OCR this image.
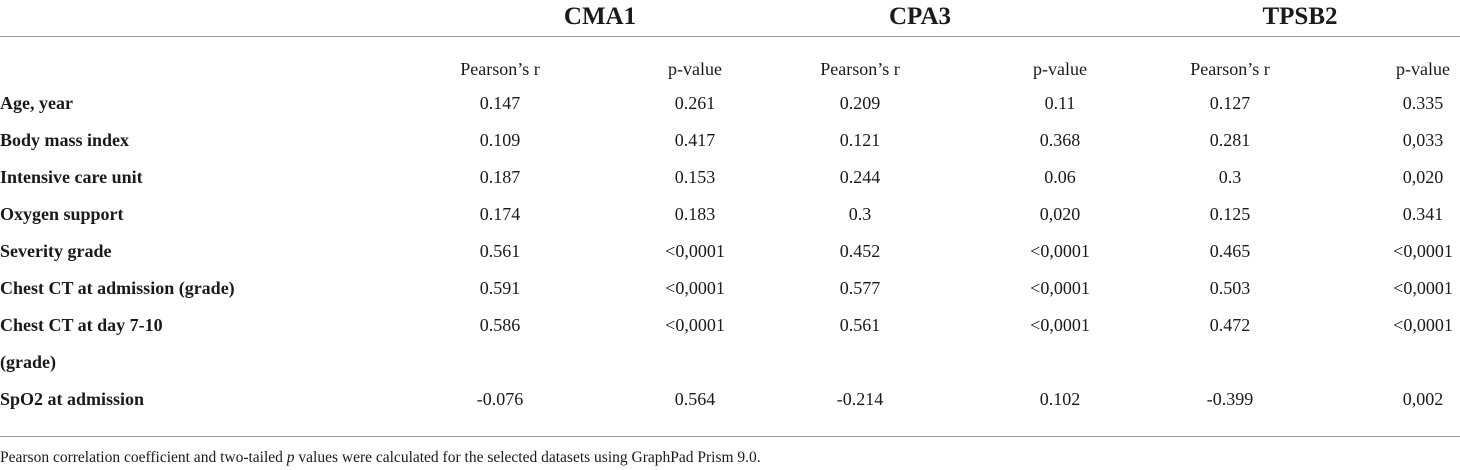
CMA1	CPA3	TPSB2
Pearson’s r	p-value	Pearson’s r	p-value	Pearson’s r	p-value
Age, year	0.147	0.261	0.209	0.11	0.127	0.335
Body mass index	0.109	0.417	0.121	0.368	0.281	0,033
Intensive care unit	0.187	0.153	0.244	0.06	0.3	0,020
Oxygen support	0.174	0.183	0.3	0,020	0.125	0.341
Severity grade	0.561	<0,0001	0.452	<0,0001	0.465	<0,0001
Chest CT at admission (grade)	0.591	<0,0001	0.577	<0,0001	0.503	<0,0001
Chest CT at day 7-10	0.586	<0,0001	0.561	<0,0001	0.472	<0,0001
(grade)
SpO2 at admission	-0.076	0.564	-0.214	0.102	-0.399	0,002
Pearson correlation coefficient and two-tailed p values were calculated for the selected datasets using GraphPad Prism 9.0.
